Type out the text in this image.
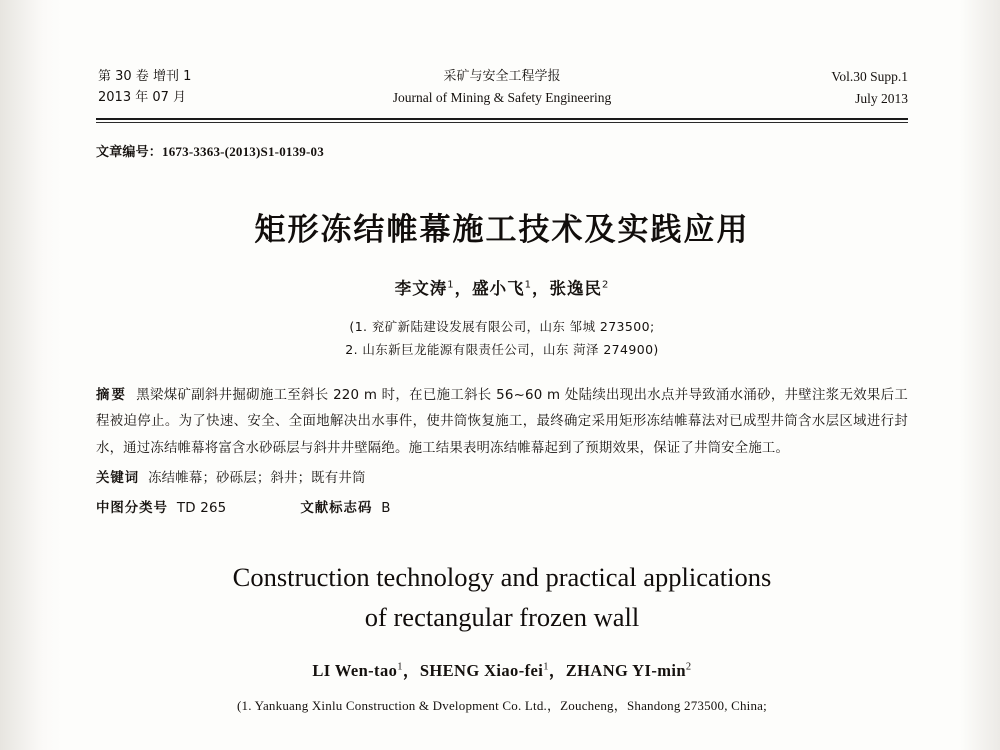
第 30 卷 增刊 1
2013 年 07 月
采矿与安全工程学报
Journal of Mining & Safety Engineering
Vol.30 Supp.1
July 2013
文章编号：1673-3363-(2013)S1-0139-03
矩形冻结帷幕施工技术及实践应用
李文涛$^1$，盛小飞$^1$，张逸民$^2$
(1. 兖矿新陆建设发展有限公司，山东 邹城 273500;
2. 山东新巨龙能源有限责任公司，山东 菏泽 274900)
摘要 黑梁煤矿副斜井掘砌施工至斜长 220 m 时，在已施工斜长 56~60 m 处陆续出现出水点并导致涌水涌砂，井壁注浆无效果后工程被迫停止。为了快速、安全、全面地解决出水事件，使井筒恢复施工，最终确定采用矩形冻结帷幕法对已成型井筒含水层区域进行封水，通过冻结帷幕将富含水砂砾层与斜井井壁隔绝。施工结果表明冻结帷幕起到了预期效果，保证了井筒安全施工。
关键词 冻结帷幕；砂砾层；斜井；既有井筒
中图分类号 TD 265	文献标志码 B
Construction technology and practical applications
of rectangular frozen wall
LI Wen-tao$^1$，SHENG Xiao-fei$^1$，ZHANG $YI-\min^2$
(1. Yankuang Xinlu Construction & Dvelopment Co. Ltd.，Zoucheng，Shandong 273500, China;
